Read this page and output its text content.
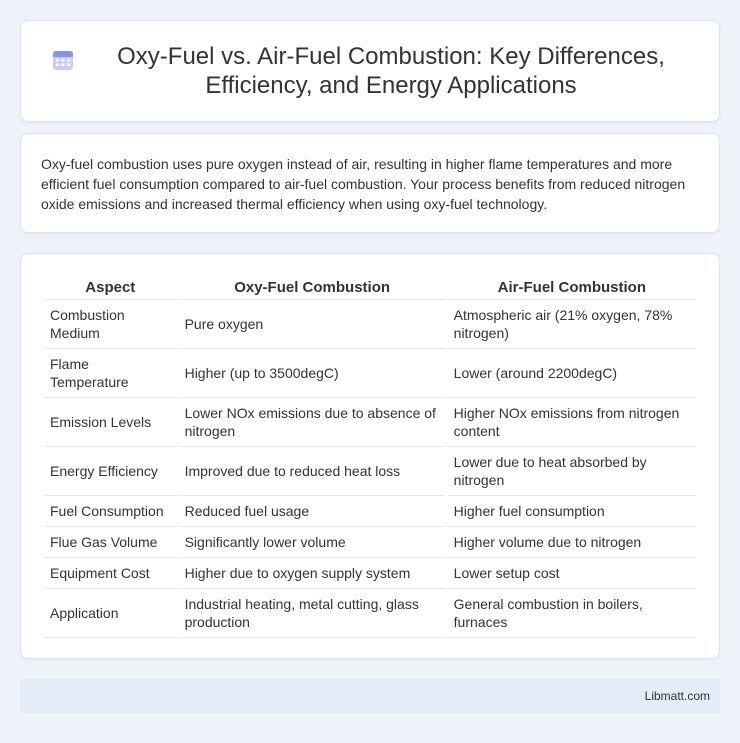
Oxy-Fuel vs. Air-Fuel Combustion: Key Differences, Efficiency, and Energy Applications

Oxy-fuel combustion uses pure oxygen instead of air, resulting in higher flame temperatures and more efficient fuel consumption compared to air-fuel combustion. Your process benefits from reduced nitrogen oxide emissions and increased thermal efficiency when using oxy-fuel technology.

Aspect	Oxy-Fuel Combustion	Air-Fuel Combustion
Combustion Medium	Pure oxygen	Atmospheric air (21% oxygen, 78% nitrogen)
Flame Temperature	Higher (up to 3500degC)	Lower (around 2200degC)
Emission Levels	Lower NOx emissions due to absence of nitrogen	Higher NOx emissions from nitrogen content
Energy Efficiency	Improved due to reduced heat loss	Lower due to heat absorbed by nitrogen
Fuel Consumption	Reduced fuel usage	Higher fuel consumption
Flue Gas Volume	Significantly lower volume	Higher volume due to nitrogen
Equipment Cost	Higher due to oxygen supply system	Lower setup cost
Application	Industrial heating, metal cutting, glass production	General combustion in boilers, furnaces
Libmatt.com
